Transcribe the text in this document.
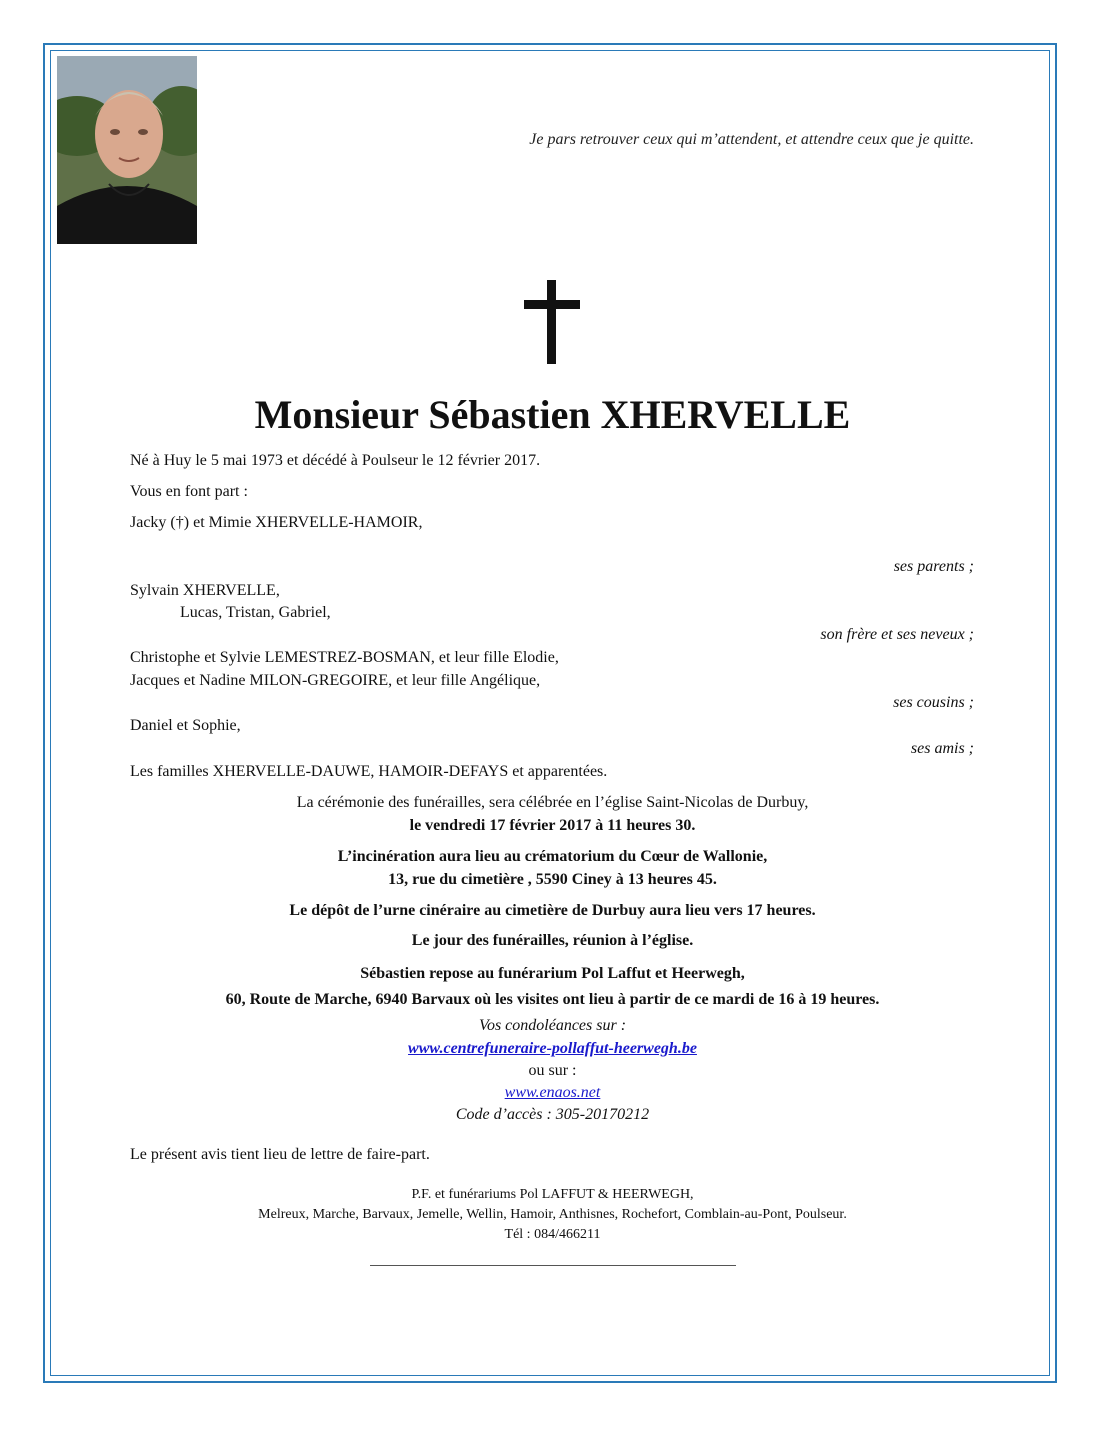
Je pars retrouver ceux qui m’attendent, et attendre ceux que je quitte.
Monsieur Sébastien XHERVELLE
Né à Huy le 5 mai 1973 et décédé à Poulseur le 12 février 2017.
Vous en font part :
Jacky (†) et Mimie XHERVELLE-HAMOIR,
ses parents ;
Sylvain XHERVELLE,
Lucas, Tristan, Gabriel,
son frère et ses neveux ;
Christophe et Sylvie LEMESTREZ-BOSMAN, et leur fille Elodie,
Jacques et Nadine MILON-GREGOIRE, et leur fille Angélique,
ses cousins ;
Daniel et Sophie,
ses amis ;
Les familles XHERVELLE-DAUWE, HAMOIR-DEFAYS et apparentées.
La cérémonie des funérailles, sera célébrée en l’église Saint-Nicolas de Durbuy,
le vendredi 17 février 2017 à 11 heures 30.
L’incinération aura lieu au crématorium du Cœur de Wallonie,
13, rue du cimetière , 5590 Ciney à 13 heures 45.
Le dépôt de l’urne cinéraire au cimetière de Durbuy aura lieu vers 17 heures.
Le jour des funérailles, réunion à l’église.
Sébastien repose au funérarium Pol Laffut et Heerwegh,
60, Route de Marche, 6940 Barvaux où les visites ont lieu à partir de ce mardi de 16 à 19 heures.
Vos condoléances sur :
www.centrefuneraire-pollaffut-heerwegh.be
ou sur :
www.enaos.net
Code d’accès : 305-20170212
Le présent avis tient lieu de lettre de faire-part.
P.F. et funérariums Pol LAFFUT & HEERWEGH,
Melreux, Marche, Barvaux, Jemelle, Wellin, Hamoir, Anthisnes, Rochefort, Comblain-au-Pont, Poulseur.
Tél : 084/466211
